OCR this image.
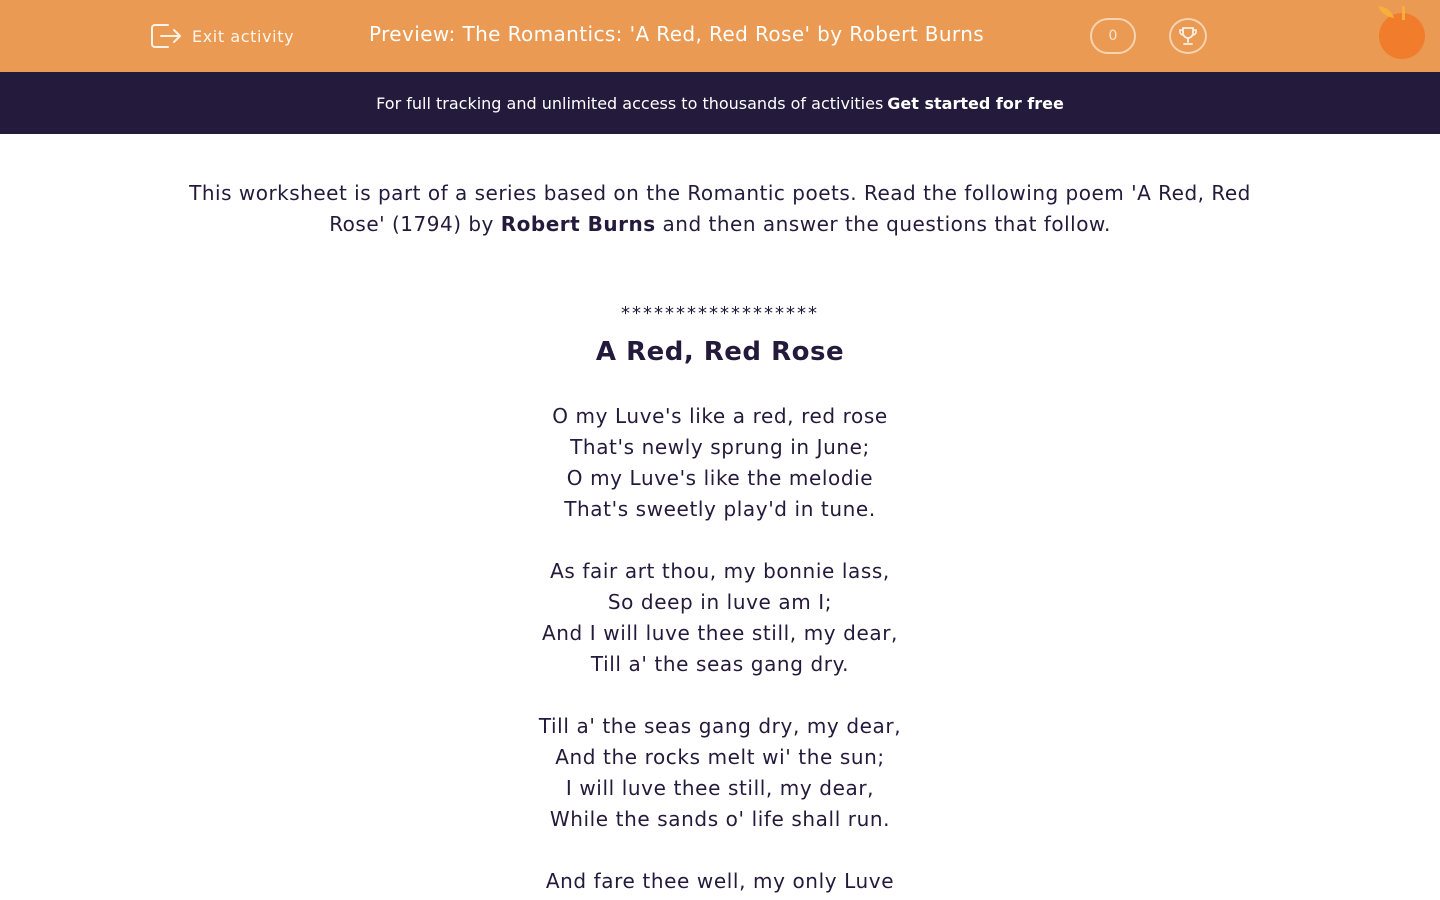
Exit activity	Preview: The Romantics: 'A Red, Red Rose' by Robert Burns	0
For full tracking and unlimited access to thousands of activities Get started for free
This worksheet is part of a series based on the Romantic poets. Read the following poem 'A Red, Red Rose' (1794) by Robert Burns and then answer the questions that follow.
******************
A Red, Red Rose
O my Luve's like a red, red rose
That's newly sprung in June;
O my Luve's like the melodie
That's sweetly play'd in tune.
As fair art thou, my bonnie lass,
So deep in luve am I;
And I will luve thee still, my dear,
Till a' the seas gang dry.
Till a' the seas gang dry, my dear,
And the rocks melt wi' the sun;
I will luve thee still, my dear,
While the sands o' life shall run.
And fare thee well, my only Luve
